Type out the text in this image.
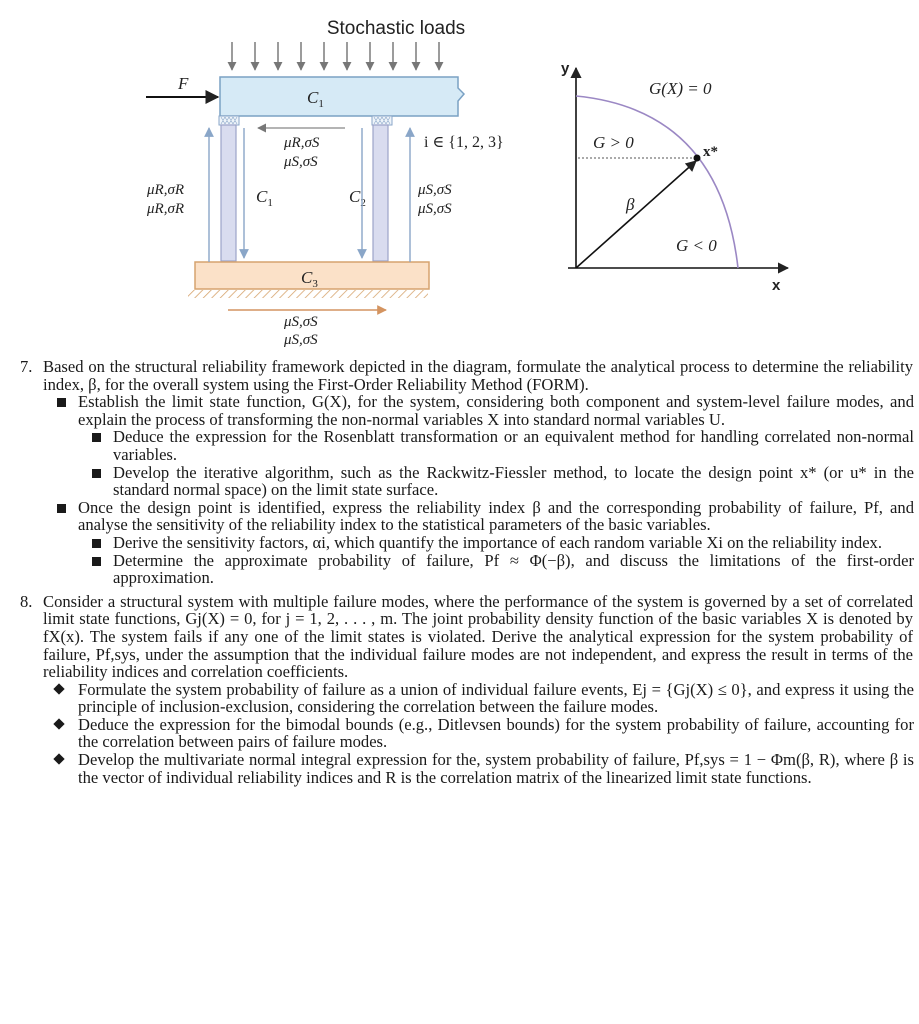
Stochastic loads
F
$C_1$
$C_1$	$C_2$
$C_3$
μR,σS
μS,σS
i ∈ {1, 2, 3}
μR,σR
μR,σR
μS,σS
μS,σS
μS,σS
μS,σS
y
x
G(X) = 0
G > 0
G < 0
β
x*
7. Based on the structural reliability framework depicted in the diagram, formulate the analytical process to determine the reliability index, β, for the overall system using the First-Order Reliability Method (FORM).
Establish the limit state function, G(X), for the system, considering both component and system-level failure modes, and explain the process of transforming the non-normal variables X into standard normal variables U.
Deduce the expression for the Rosenblatt transformation or an equivalent method for handling correlated non-normal variables.
Develop the iterative algorithm, such as the Rackwitz-Fiessler method, to locate the design point x* (or u* in the standard normal space) on the limit state surface.
Once the design point is identified, express the reliability index β and the corresponding probability of failure, Pf, and analyse the sensitivity of the reliability index to the statistical parameters of the basic variables.
Derive the sensitivity factors, αi, which quantify the importance of each random variable Xi on the reliability index.
Determine the approximate probability of failure, Pf ≈ Φ(−β), and discuss the limitations of the first-order approximation.
8. Consider a structural system with multiple failure modes, where the performance of the system is governed by a set of correlated limit state functions, Gj(X) = 0, for j = 1, 2, . . . , m. The joint probability density function of the basic variables X is denoted by fX(x). The system fails if any one of the limit states is violated. Derive the analytical expression for the system probability of failure, Pf,sys, under the assumption that the individual failure modes are not independent, and express the result in terms of the reliability indices and correlation coefficients.
Formulate the system probability of failure as a union of individual failure events, Ej = {Gj(X) ≤ 0}, and express it using the principle of inclusion-exclusion, considering the correlation between the failure modes.
Deduce the expression for the bimodal bounds (e.g., Ditlevsen bounds) for the system probability of failure, accounting for the correlation between pairs of failure modes.
Develop the multivariate normal integral expression for the, system probability of failure, Pf,sys = 1 − Φm(β, R), where β is the vector of individual reliability indices and R is the correlation matrix of the linearized limit state functions.
